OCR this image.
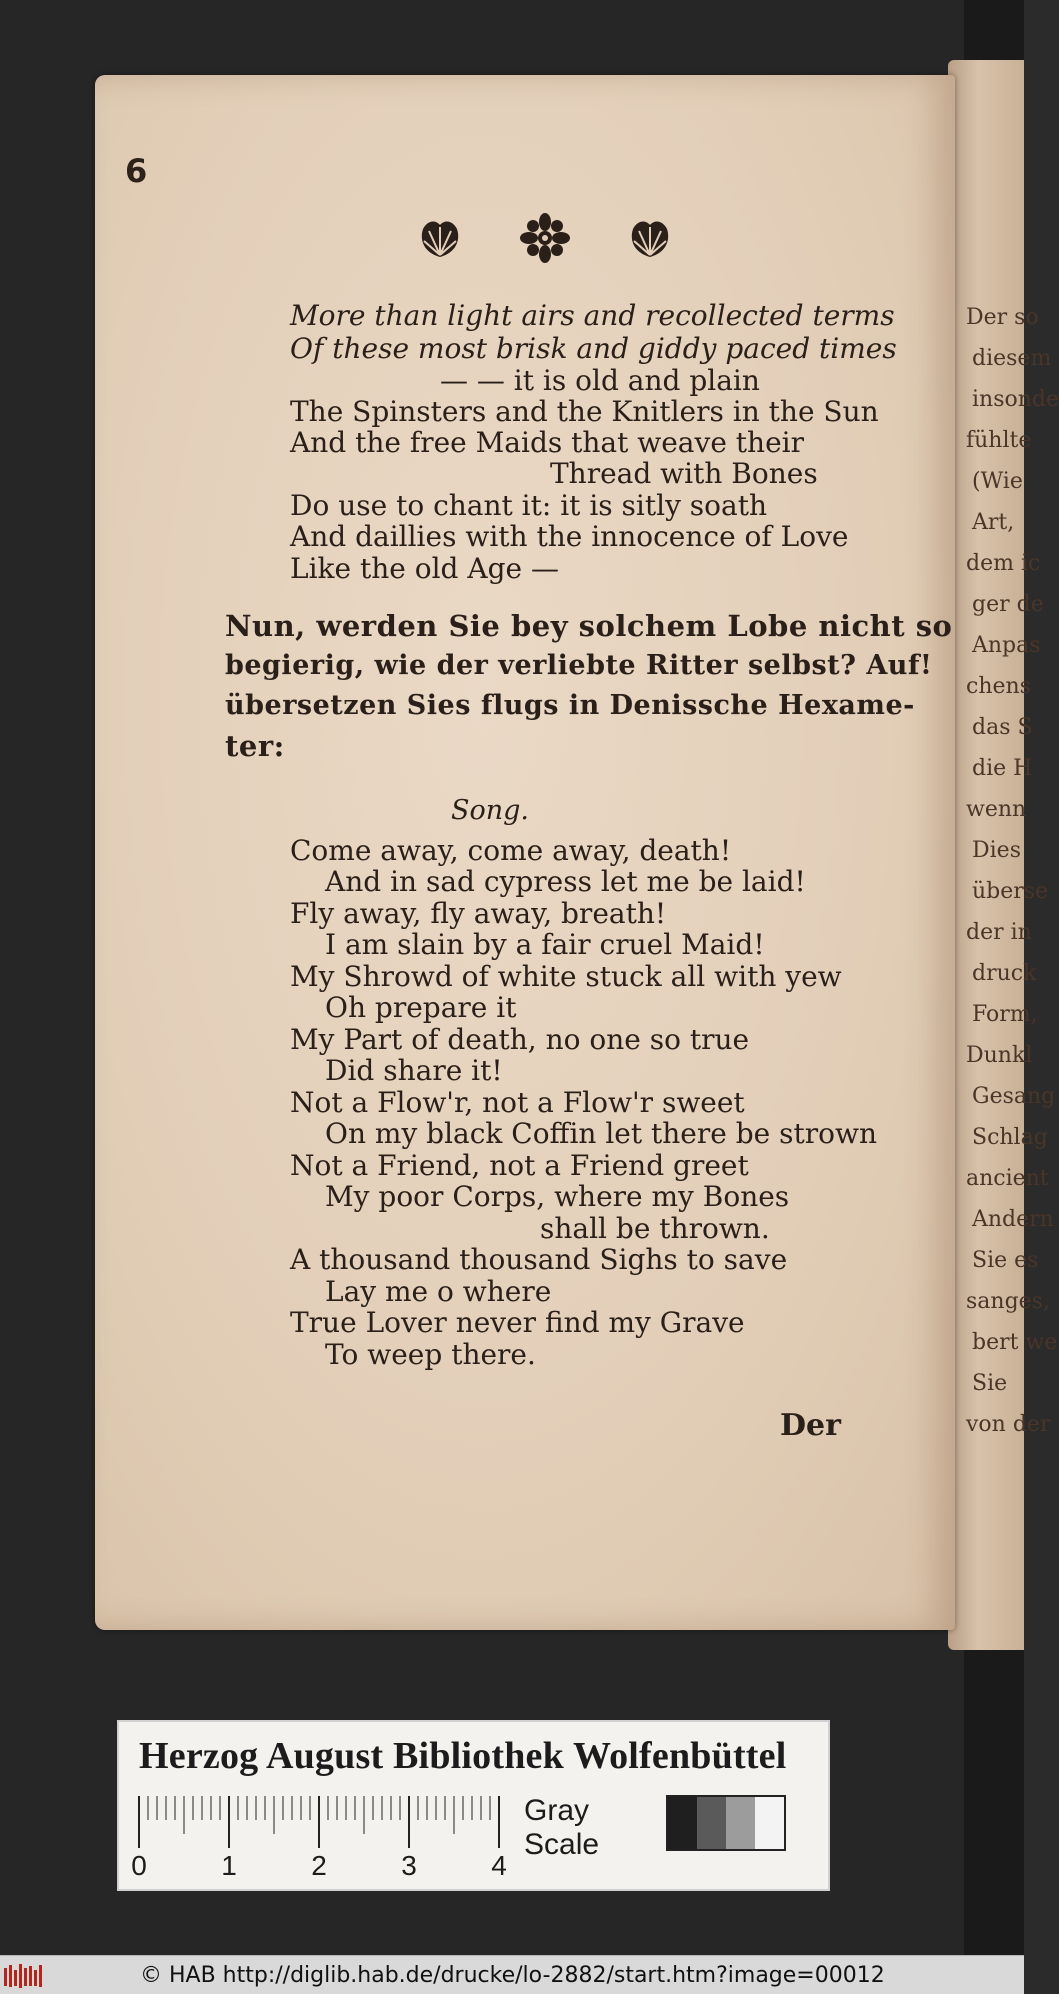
Der so
diesem
insonde
fühlte
(Wie
Art,
dem ic
ger de
Anpas
chens
das S
die H
wenn
Dies
überse
der in
druck
Form,
Dunkl
Gesang
Schlag
ancient
Andern
Sie es
sanges,
bert we
Sie
von der
6
More than light airs and recollected terms
Of these most brisk and giddy paced times
— — it is old and plain
The Spinsters and the Knitlers in the Sun
And the free Maids that weave their
Thread with Bones
Do use to chant it: it is sitly soath
And daillies with the innocence of Love
Like the old Age —
Nun, werden Sie bey solchem Lobe nicht so
begierig, wie der verliebte Ritter selbst? Auf!
übersetzen Sies flugs in Denissche Hexame-
ter:
Song.
Come away, come away, death!
And in sad cypress let me be laid!
Fly away, fly away, breath!
I am slain by a fair cruel Maid!
My Shrowd of white stuck all with yew
Oh prepare it
My Part of death, no one so true
Did share it!
Not a Flow'r, not a Flow'r sweet
On my black Coffin let there be strown
Not a Friend, not a Friend greet
My poor Corps, where my Bones
shall be thrown.
A thousand thousand Sighs to save
Lay me o where
True Lover never find my Grave
To weep there.
Der
Herzog August Bibliothek Wolfenbüttel
0	1	2	3	4
Gray Scale
© HAB http://diglib.hab.de/drucke/lo-2882/start.htm?image=00012
